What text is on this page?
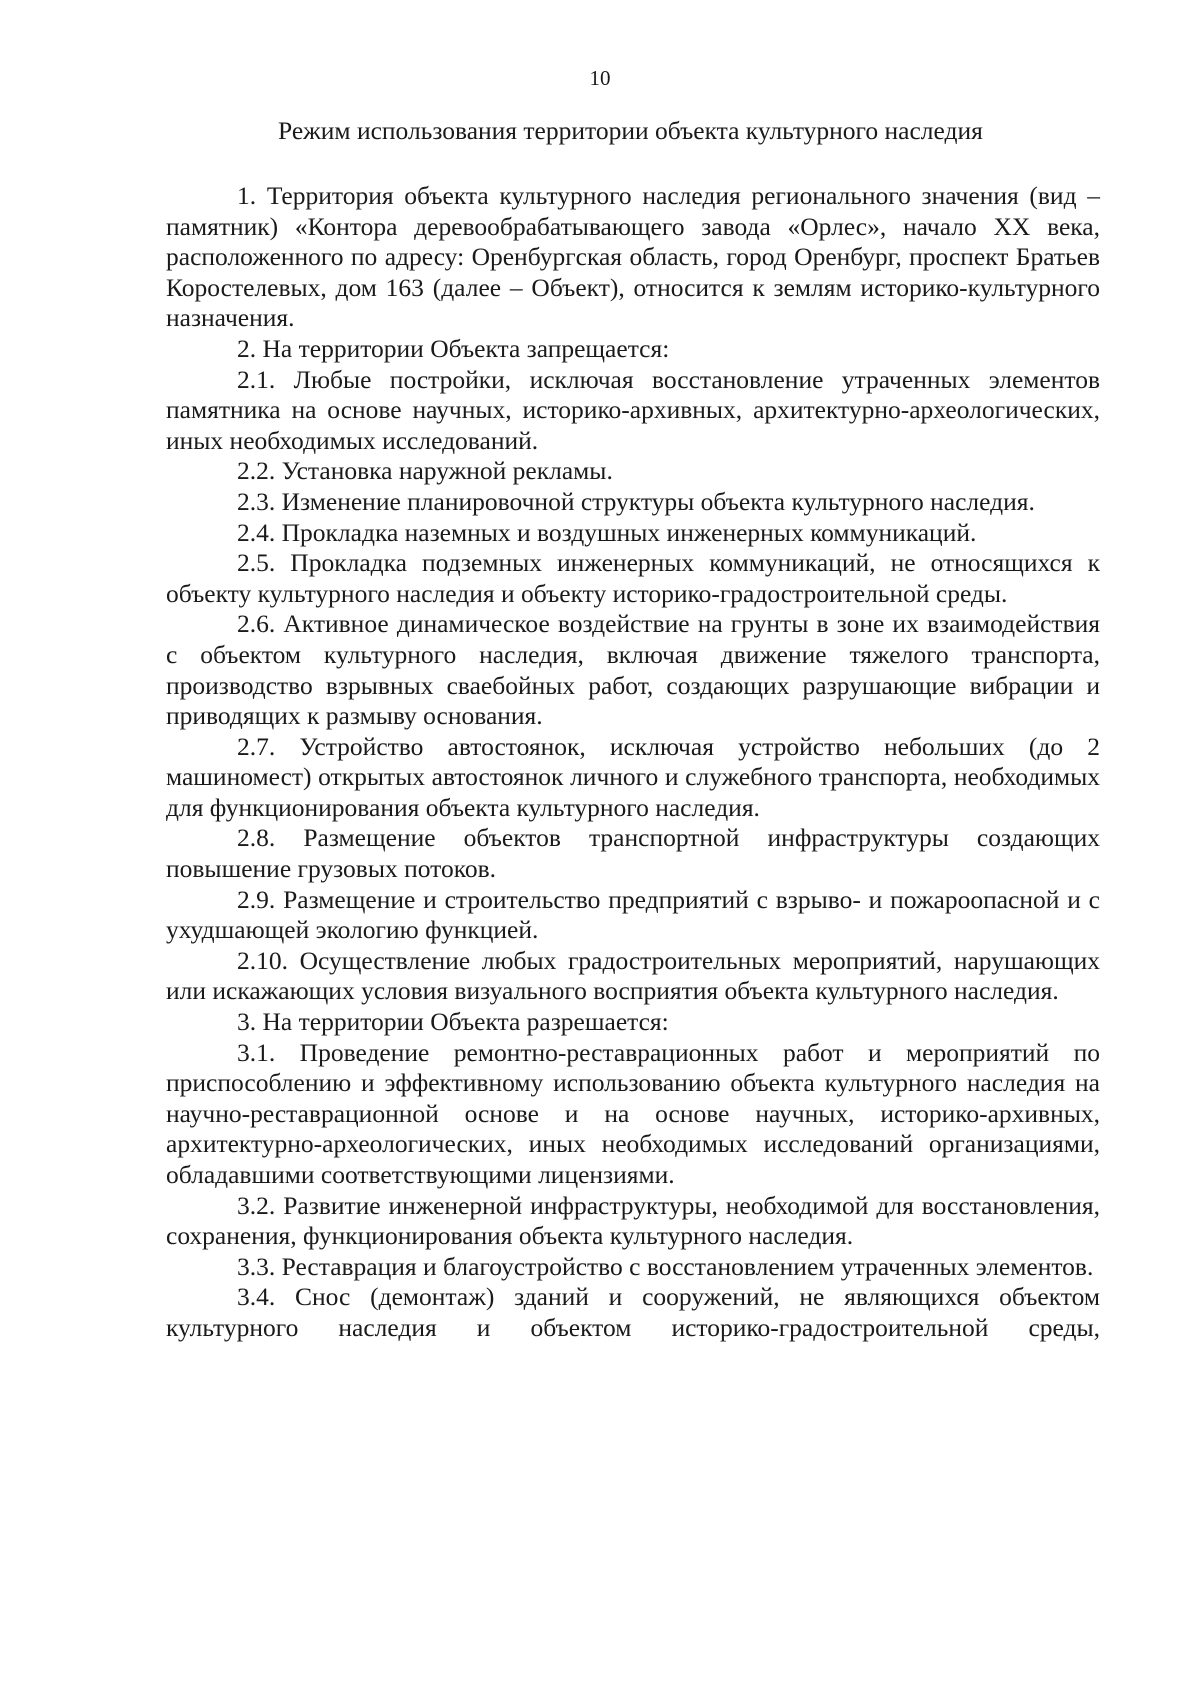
10
Режим использования территории объекта культурного наследия

1. Территория объекта культурного наследия регионального значения (вид – памятник) «Контора деревообрабатывающего завода «Орлес», начало XX века, расположенного по адресу: Оренбургская область, город Оренбург, проспект Братьев Коростелевых, дом 163 (далее – Объект), относится к землям историко-культурного назначения.

2. На территории Объекта запрещается:

2.1. Любые постройки, исключая восстановление утраченных элементов памятника на основе научных, историко-архивных, архитектурно-археологических, иных необходимых исследований.

2.2. Установка наружной рекламы.

2.3. Изменение планировочной структуры объекта культурного наследия.

2.4. Прокладка наземных и воздушных инженерных коммуникаций.

2.5. Прокладка подземных инженерных коммуникаций, не относящихся к объекту культурного наследия и объекту историко-градостроительной среды.

2.6. Активное динамическое воздействие на грунты в зоне их взаимодействия с объектом культурного наследия, включая движение тяжелого транспорта, производство взрывных сваебойных работ, создающих разрушающие вибрации и приводящих к размыву основания.

2.7. Устройство автостоянок, исключая устройство небольших (до 2 машиномест) открытых автостоянок личного и служебного транспорта, необходимых для функционирования объекта культурного наследия.

2.8. Размещение объектов транспортной инфраструктуры создающих повышение грузовых потоков.

2.9. Размещение и строительство предприятий с взрыво- и пожароопасной и с ухудшающей экологию функцией.

2.10. Осуществление любых градостроительных мероприятий, нарушающих или искажающих условия визуального восприятия объекта культурного наследия.

3. На территории Объекта разрешается:

3.1. Проведение ремонтно-реставрационных работ и мероприятий по приспособлению и эффективному использованию объекта культурного наследия на научно-реставрационной основе и на основе научных, историко-архивных, архитектурно-археологических, иных необходимых исследований организациями, обладавшими соответствующими лицензиями.

3.2. Развитие инженерной инфраструктуры, необходимой для восстановления, сохранения, функционирования объекта культурного наследия.

3.3. Реставрация и благоустройство с восстановлением утраченных элементов.

3.4. Снос (демонтаж) зданий и сооружений, не являющихся объектом культурного наследия и объектом историко-градостроительной среды,
